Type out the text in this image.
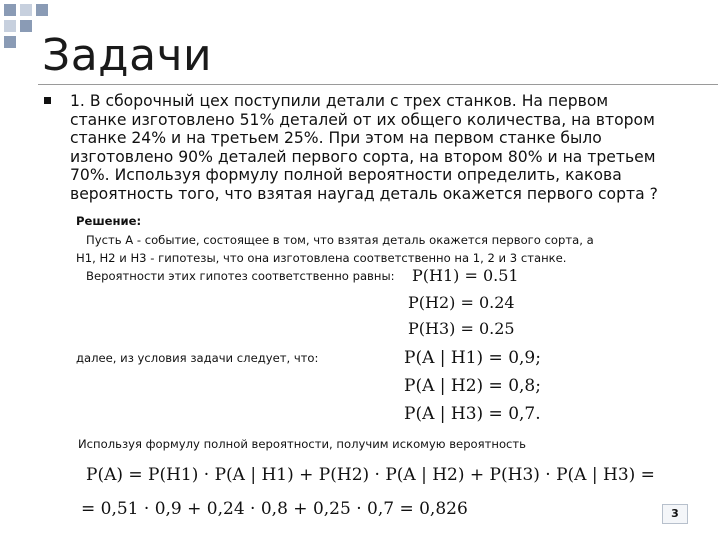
Задачи
1. В сборочный цех поступили детали с трех станков. На первом
станке изготовлено 51% деталей от их общего количества, на втором
станке 24% и на третьем 25%. При этом на первом станке было
изготовлено 90% деталей первого сорта, на втором 80% и на третьем
70%. Используя формулу полной вероятности определить, какова
вероятность того, что взятая наугад деталь окажется первого сорта ?
Решение:
Пусть А - событие, состоящее в том, что взятая деталь окажется первого сорта, а
Н1, Н2 и Н3 - гипотезы, что она изготовлена соответственно на 1, 2 и 3 станке.
Вероятности этих гипотез соответственно равны: P(H1) = 0.51
P(H2) = 0.24
P(H3) = 0.25
далее, из условия задачи следует, что:	P(A | H1) = 0,9;
P(A | H2) = 0,8;
P(A | H3) = 0,7.
Используя формулу полной вероятности, получим искомую вероятность
P(A) = P(H1) · P(A | H1) + P(H2) · P(A | H2) + P(H3) · P(A | H3) =
= 0,51 · 0,9 + 0,24 · 0,8 + 0,25 · 0,7 = 0,826	3
